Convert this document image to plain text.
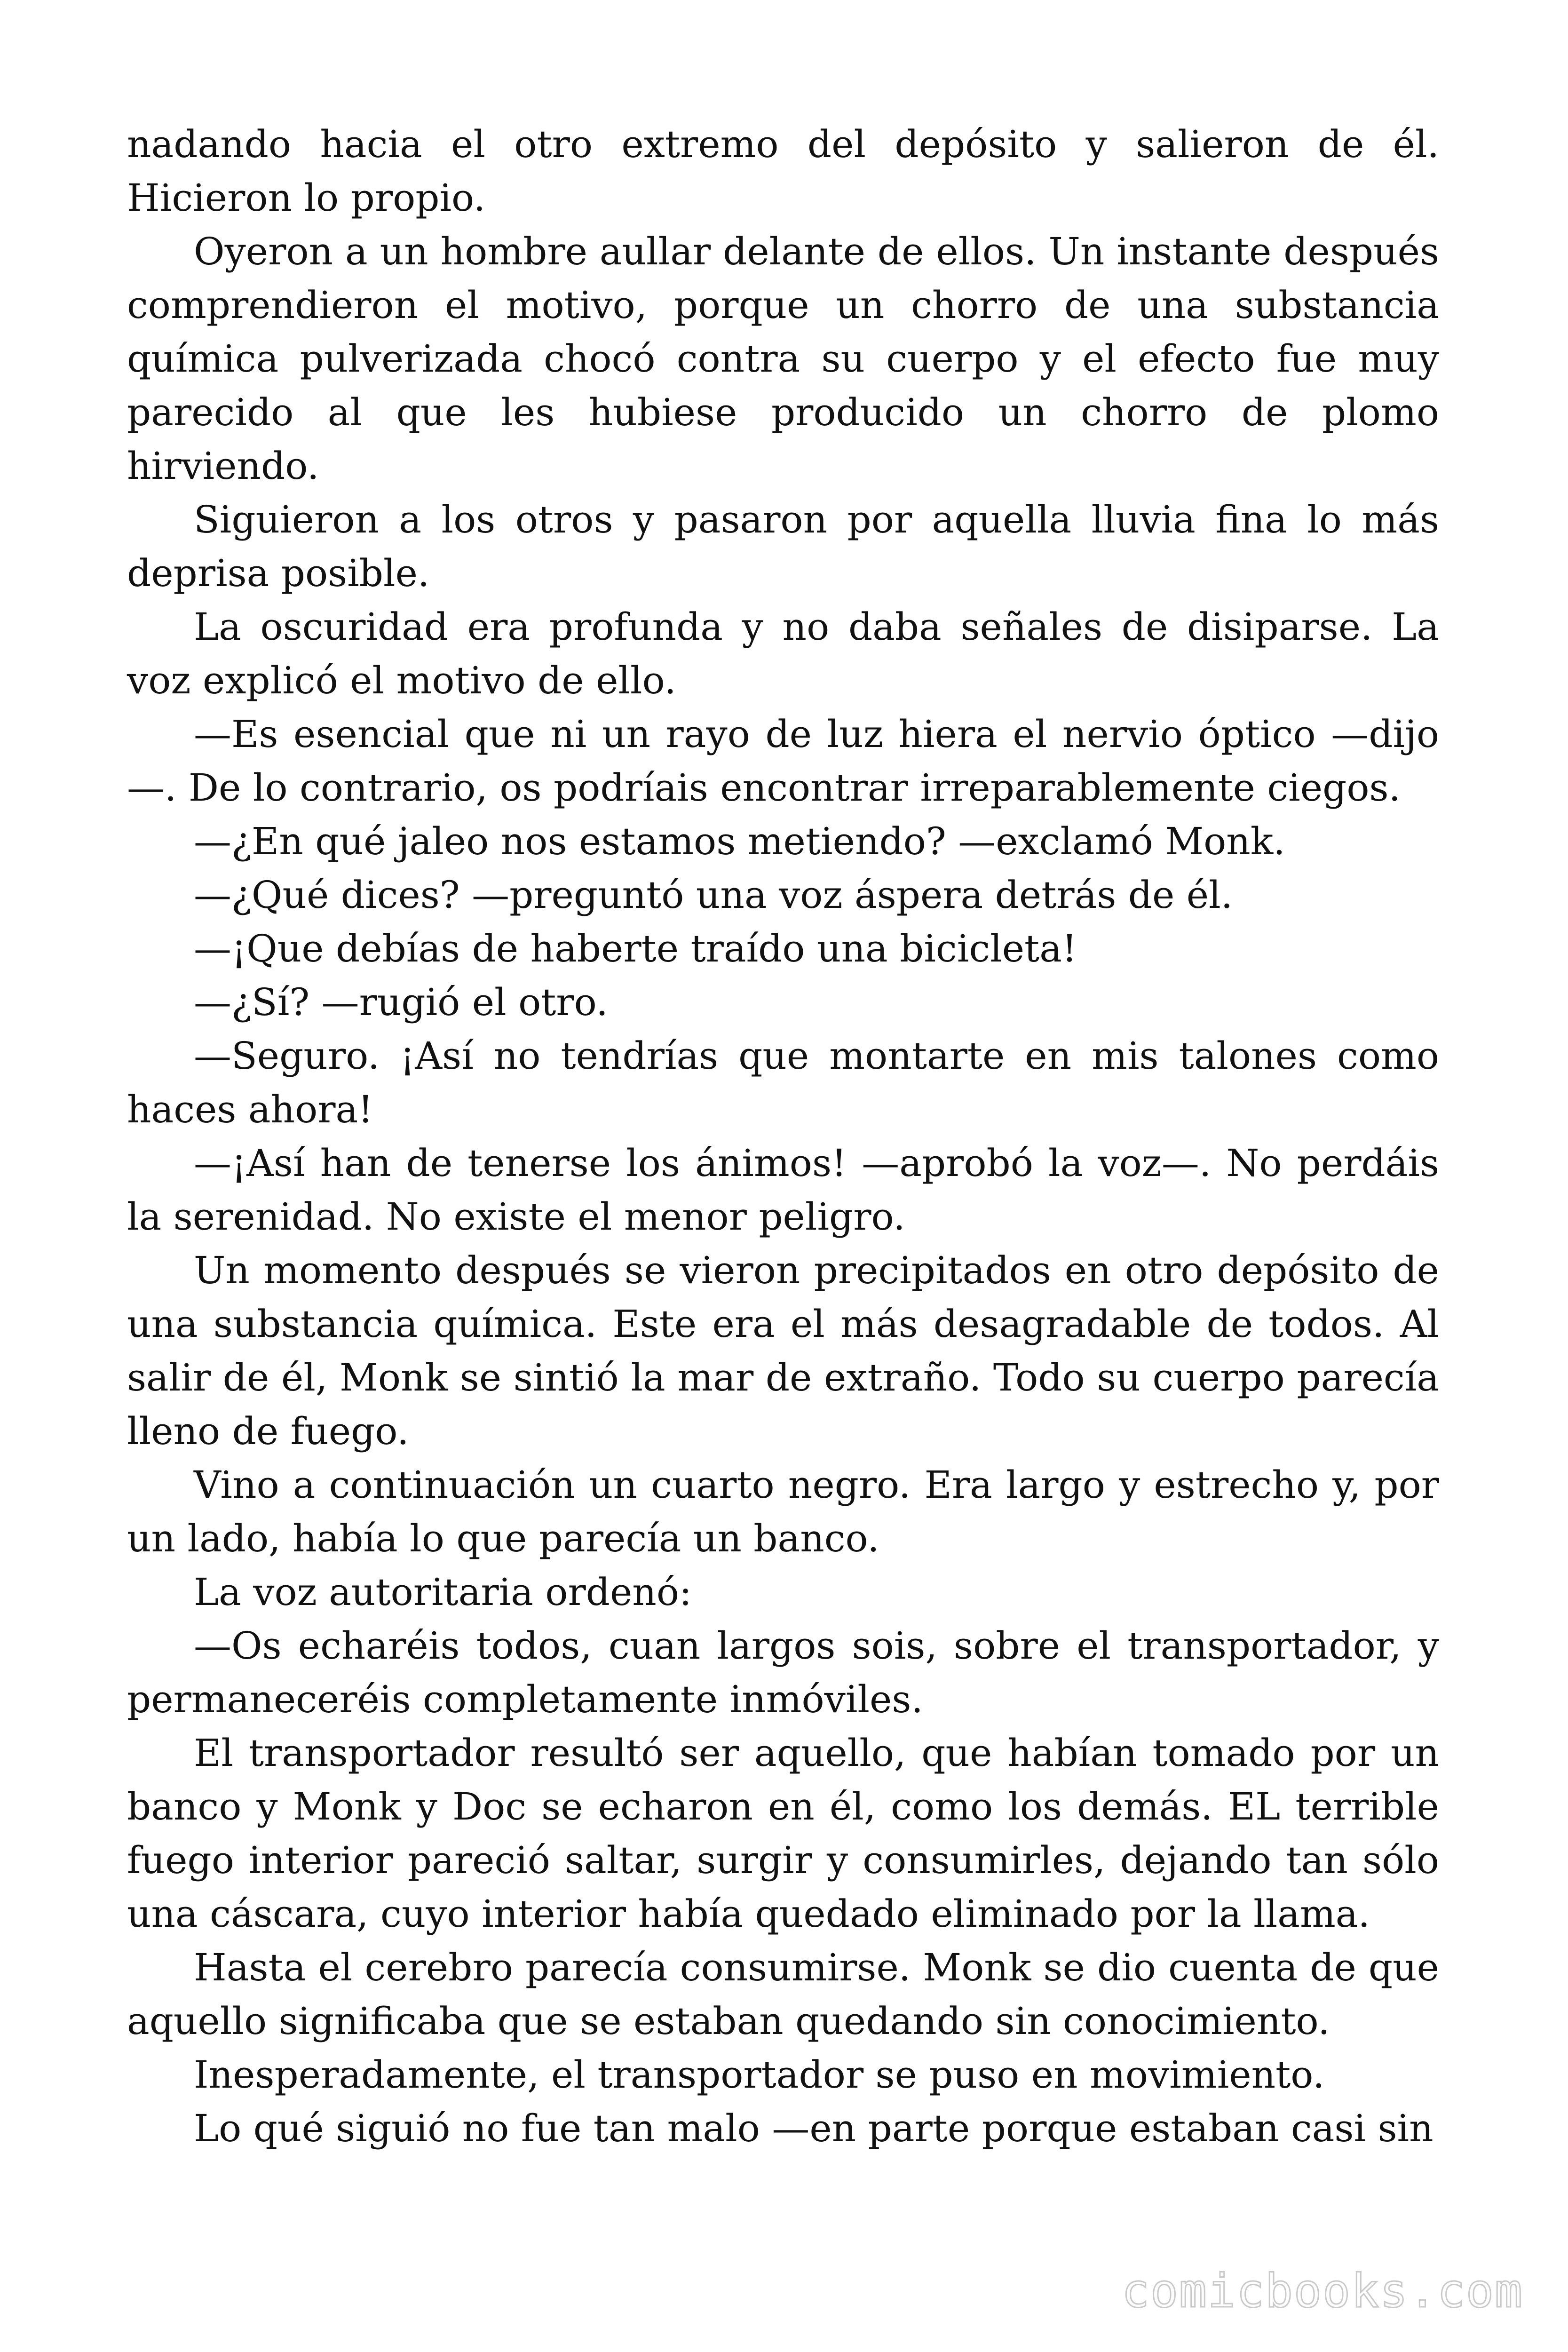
nadando hacia el otro extremo del depósito y salieron de él. Hicieron lo propio.

Oyeron a un hombre aullar delante de ellos. Un instante después comprendieron el motivo, porque un chorro de una substancia química pulverizada chocó contra su cuerpo y el efecto fue muy parecido al que les hubiese producido un chorro de plomo hirviendo.

Siguieron a los otros y pasaron por aquella lluvia fina lo más deprisa posible.

La oscuridad era profunda y no daba señales de disiparse. La voz explicó el motivo de ello.

—Es esencial que ni un rayo de luz hiera el nervio óptico —dijo —. De lo contrario, os podríais encontrar irreparablemente ciegos.

—¿En qué jaleo nos estamos metiendo? —exclamó Monk.

—¿Qué dices? —preguntó una voz áspera detrás de él.

—¡Que debías de haberte traído una bicicleta!

—¿Sí? —rugió el otro.

—Seguro. ¡Así no tendrías que montarte en mis talones como haces ahora!

—¡Así han de tenerse los ánimos! —aprobó la voz—. No perdáis la serenidad. No existe el menor peligro.

Un momento después se vieron precipitados en otro depósito de una substancia química. Este era el más desagradable de todos. Al salir de él, Monk se sintió la mar de extraño. Todo su cuerpo parecía lleno de fuego.

Vino a continuación un cuarto negro. Era largo y estrecho y, por un lado, había lo que parecía un banco.

La voz autoritaria ordenó:

—Os echaréis todos, cuan largos sois, sobre el transportador, y permaneceréis completamente inmóviles.

El transportador resultó ser aquello, que habían tomado por un banco y Monk y Doc se echaron en él, como los demás. EL terrible fuego interior pareció saltar, surgir y consumirles, dejando tan sólo una cáscara, cuyo interior había quedado eliminado por la llama.

Hasta el cerebro parecía consumirse. Monk se dio cuenta de que aquello significaba que se estaban quedando sin conocimiento.

Inesperadamente, el transportador se puso en movimiento.

Lo qué siguió no fue tan malo —en parte porque estaban casi sin

comicbooks.com
